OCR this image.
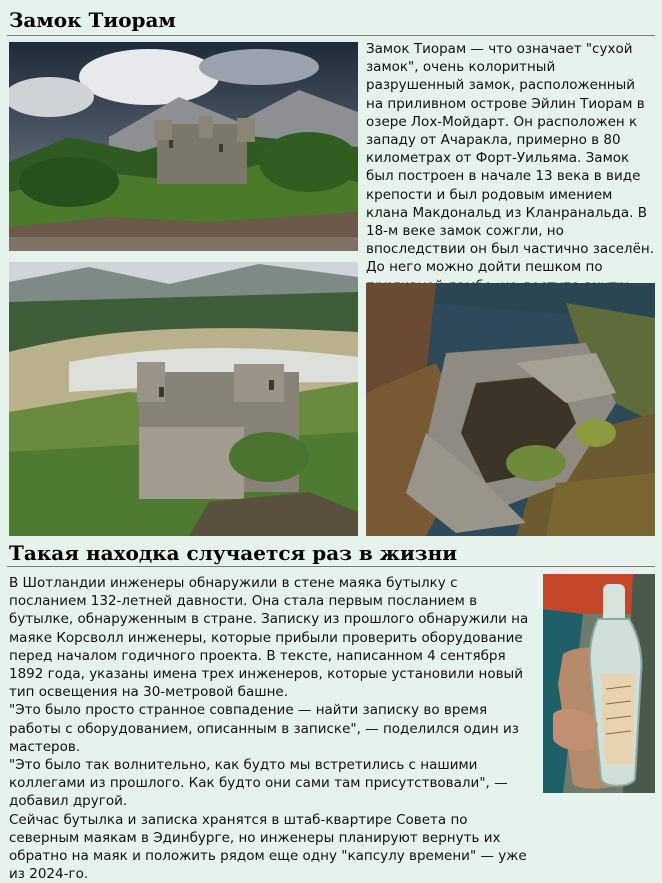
Замок Тиорам

Замок Тиорам — что означает "сухой замок", очень колоритный разрушенный замок, расположенный на приливном острове Эйлин Тиорам в озере Лох-Мойдарт. Он расположен к западу от Ачаракла, примерно в 80 километрах от Форт-Уильяма. Замок был построен в начале 13 века в виде крепости и был родовым имением клана Макдональд из Кланранальда. В 18-м веке замок сожгли, но впоследствии он был частично заселён. До него можно дойти пешком по

Такая находка случается раз в жизни

В Шотландии инженеры обнаружили в стене маяка бутылку с посланием 132-летней давности. Она стала первым посланием в бутылке, обнаруженным в стране. Записку из прошлого обнаружили на маяке Корсволл инженеры, которые прибыли проверить оборудование перед началом годичного проекта. В тексте, написанном 4 сентября 1892 года, указаны имена трех инженеров, которые установили новый тип освещения на 30-метровой башне.

"Это было просто странное совпадение — найти записку во время работы с оборудованием, описанным в записке", — поделился один из мастеров.

"Это было так волнительно, как будто мы встретились с нашими коллегами из прошлого. Как будто они сами там присутствовали", — добавил другой.

Сейчас бутылка и записка хранятся в штаб-квартире Совета по северным маякам в Эдинбурге, но инженеры планируют вернуть их обратно на маяк и положить рядом еще одну "капсулу времени" — уже из 2024-го.
